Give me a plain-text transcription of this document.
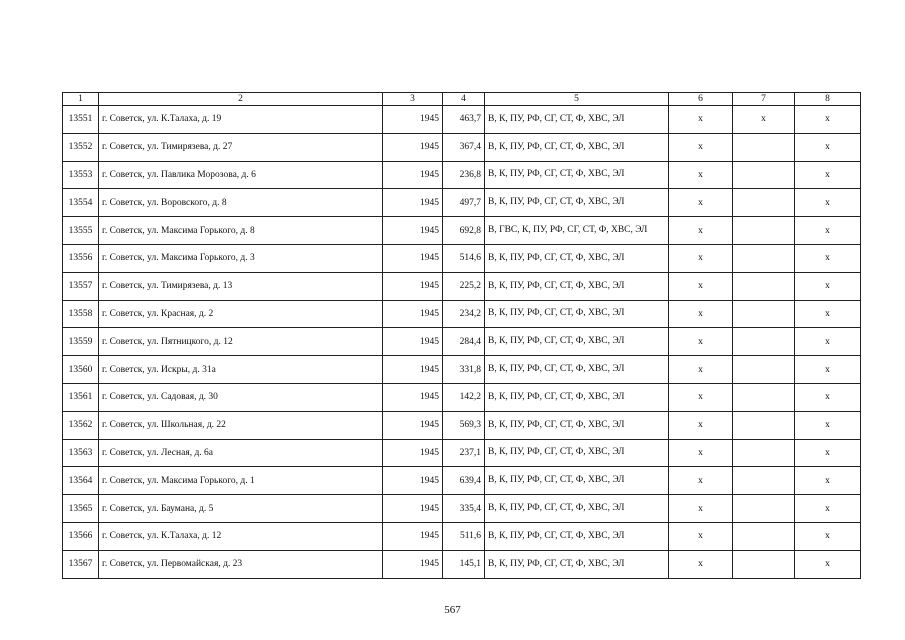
1	2	3	4	5	6	7	8
13551	г. Советск, ул. К.Талаха, д. 19	1945	463,7	В, К, ПУ, РФ, СГ, СТ, Ф, ХВС, ЭЛ	х	х	х
13552	г. Советск, ул. Тимирязева, д. 27	1945	367,4	В, К, ПУ, РФ, СГ, СТ, Ф, ХВС, ЭЛ	х		х
13553	г. Советск, ул. Павлика Морозова, д. 6	1945	236,8	В, К, ПУ, РФ, СГ, СТ, Ф, ХВС, ЭЛ	х		х
13554	г. Советск, ул. Воровского, д. 8	1945	497,7	В, К, ПУ, РФ, СГ, СТ, Ф, ХВС, ЭЛ	х		х
13555	г. Советск, ул. Максима Горького, д. 8	1945	692,8	В, ГВС, К, ПУ, РФ, СГ, СТ, Ф, ХВС, ЭЛ	х		х
13556	г. Советск, ул. Максима Горького, д. 3	1945	514,6	В, К, ПУ, РФ, СГ, СТ, Ф, ХВС, ЭЛ	х		х
13557	г. Советск, ул. Тимирязева, д. 13	1945	225,2	В, К, ПУ, РФ, СГ, СТ, Ф, ХВС, ЭЛ	х		х
13558	г. Советск, ул. Красная, д. 2	1945	234,2	В, К, ПУ, РФ, СГ, СТ, Ф, ХВС, ЭЛ	х		х
13559	г. Советск, ул. Пятницкого, д. 12	1945	284,4	В, К, ПУ, РФ, СГ, СТ, Ф, ХВС, ЭЛ	х		х
13560	г. Советск, ул. Искры, д. 31а	1945	331,8	В, К, ПУ, РФ, СГ, СТ, Ф, ХВС, ЭЛ	х		х
13561	г. Советск, ул. Садовая, д. 30	1945	142,2	В, К, ПУ, РФ, СГ, СТ, Ф, ХВС, ЭЛ	х		х
13562	г. Советск, ул. Школьная, д. 22	1945	569,3	В, К, ПУ, РФ, СГ, СТ, Ф, ХВС, ЭЛ	х		х
13563	г. Советск, ул. Лесная, д. 6а	1945	237,1	В, К, ПУ, РФ, СГ, СТ, Ф, ХВС, ЭЛ	х		х
13564	г. Советск, ул. Максима Горького, д. 1	1945	639,4	В, К, ПУ, РФ, СГ, СТ, Ф, ХВС, ЭЛ	х		х
13565	г. Советск, ул. Баумана, д. 5	1945	335,4	В, К, ПУ, РФ, СГ, СТ, Ф, ХВС, ЭЛ	х		х
13566	г. Советск, ул. К.Талаха, д. 12	1945	511,6	В, К, ПУ, РФ, СГ, СТ, Ф, ХВС, ЭЛ	х		х
13567	г. Советск, ул. Первомайская, д. 23	1945	145,1	В, К, ПУ, РФ, СГ, СТ, Ф, ХВС, ЭЛ	х		х
567
